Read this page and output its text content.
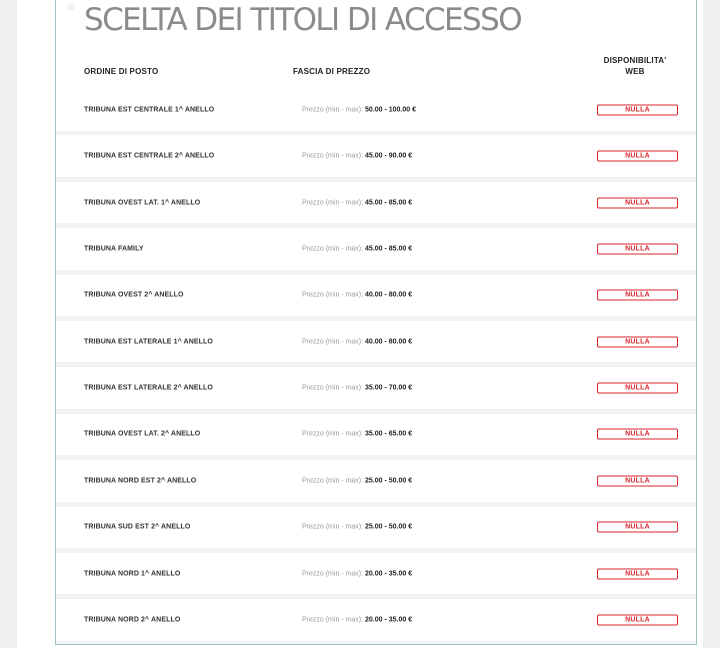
SCELTA DEI TITOLI DI ACCESSO
ORDINE DI POSTO	FASCIA DI PREZZO
DISPONIBILITA'
WEB
TRIBUNA EST CENTRALE 1^ ANELLO	Prezzo (min - max): 50.00 - 100.00 €	NULLA
TRIBUNA EST CENTRALE 2^ ANELLO	Prezzo (min - max): 45.00 - 90.00 €	NULLA
TRIBUNA OVEST LAT. 1^ ANELLO	Prezzo (min - max): 45.00 - 85.00 €	NULLA
TRIBUNA FAMILY	Prezzo (min - max): 45.00 - 85.00 €	NULLA
TRIBUNA OVEST 2^ ANELLO	Prezzo (min - max): 40.00 - 80.00 €	NULLA
TRIBUNA EST LATERALE 1^ ANELLO	Prezzo (min - max): 40.00 - 80.00 €	NULLA
TRIBUNA EST LATERALE 2^ ANELLO	Prezzo (min - max): 35.00 - 70.00 €	NULLA
TRIBUNA OVEST LAT. 2^ ANELLO	Prezzo (min - max): 35.00 - 65.00 €	NULLA
TRIBUNA NORD EST 2^ ANELLO	Prezzo (min - max): 25.00 - 50.00 €	NULLA
TRIBUNA SUD EST 2^ ANELLO	Prezzo (min - max): 25.00 - 50.00 €	NULLA
TRIBUNA NORD 1^ ANELLO	Prezzo (min - max): 20.00 - 35.00 €	NULLA
TRIBUNA NORD 2^ ANELLO	Prezzo (min - max): 20.00 - 35.00 €	NULLA
